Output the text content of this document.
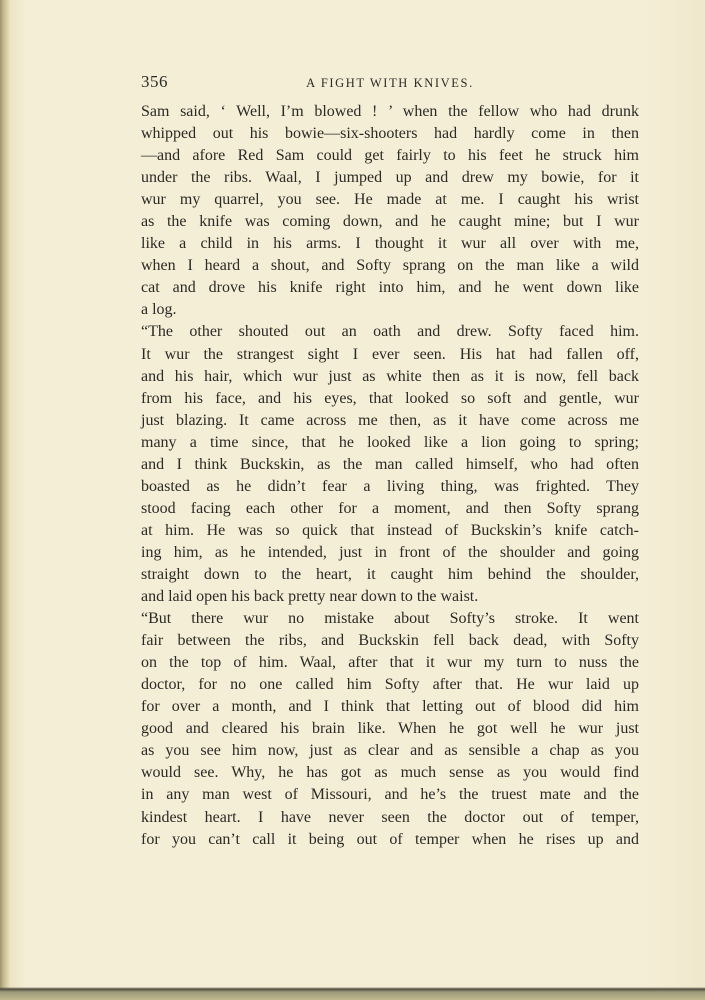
356	A FIGHT WITH KNIVES.
Sam said, ‘ Well, I’m blowed ! ’ when the fellow who had drunk
whipped out his bowie—six-shooters had hardly come in then
—and afore Red Sam could get fairly to his feet he struck him
under the ribs. Waal, I jumped up and drew my bowie, for it
wur my quarrel, you see. He made at me. I caught his wrist
as the knife was coming down, and he caught mine; but I wur
like a child in his arms. I thought it wur all over with me,
when I heard a shout, and Softy sprang on the man like a wild
cat and drove his knife right into him, and he went down like
a log.
“The other shouted out an oath and drew. Softy faced him.
It wur the strangest sight I ever seen. His hat had fallen off,
and his hair, which wur just as white then as it is now, fell back
from his face, and his eyes, that looked so soft and gentle, wur
just blazing. It came across me then, as it have come across me
many a time since, that he looked like a lion going to spring;
and I think Buckskin, as the man called himself, who had often
boasted as he didn’t fear a living thing, was frighted. They
stood facing each other for a moment, and then Softy sprang
at him. He was so quick that instead of Buckskin’s knife catch-
ing him, as he intended, just in front of the shoulder and going
straight down to the heart, it caught him behind the shoulder,
and laid open his back pretty near down to the waist.
“But there wur no mistake about Softy’s stroke. It went
fair between the ribs, and Buckskin fell back dead, with Softy
on the top of him. Waal, after that it wur my turn to nuss the
doctor, for no one called him Softy after that. He wur laid up
for over a month, and I think that letting out of blood did him
good and cleared his brain like. When he got well he wur just
as you see him now, just as clear and as sensible a chap as you
would see. Why, he has got as much sense as you would find
in any man west of Missouri, and he’s the truest mate and the
kindest heart. I have never seen the doctor out of temper,
for you can’t call it being out of temper when he rises up and
